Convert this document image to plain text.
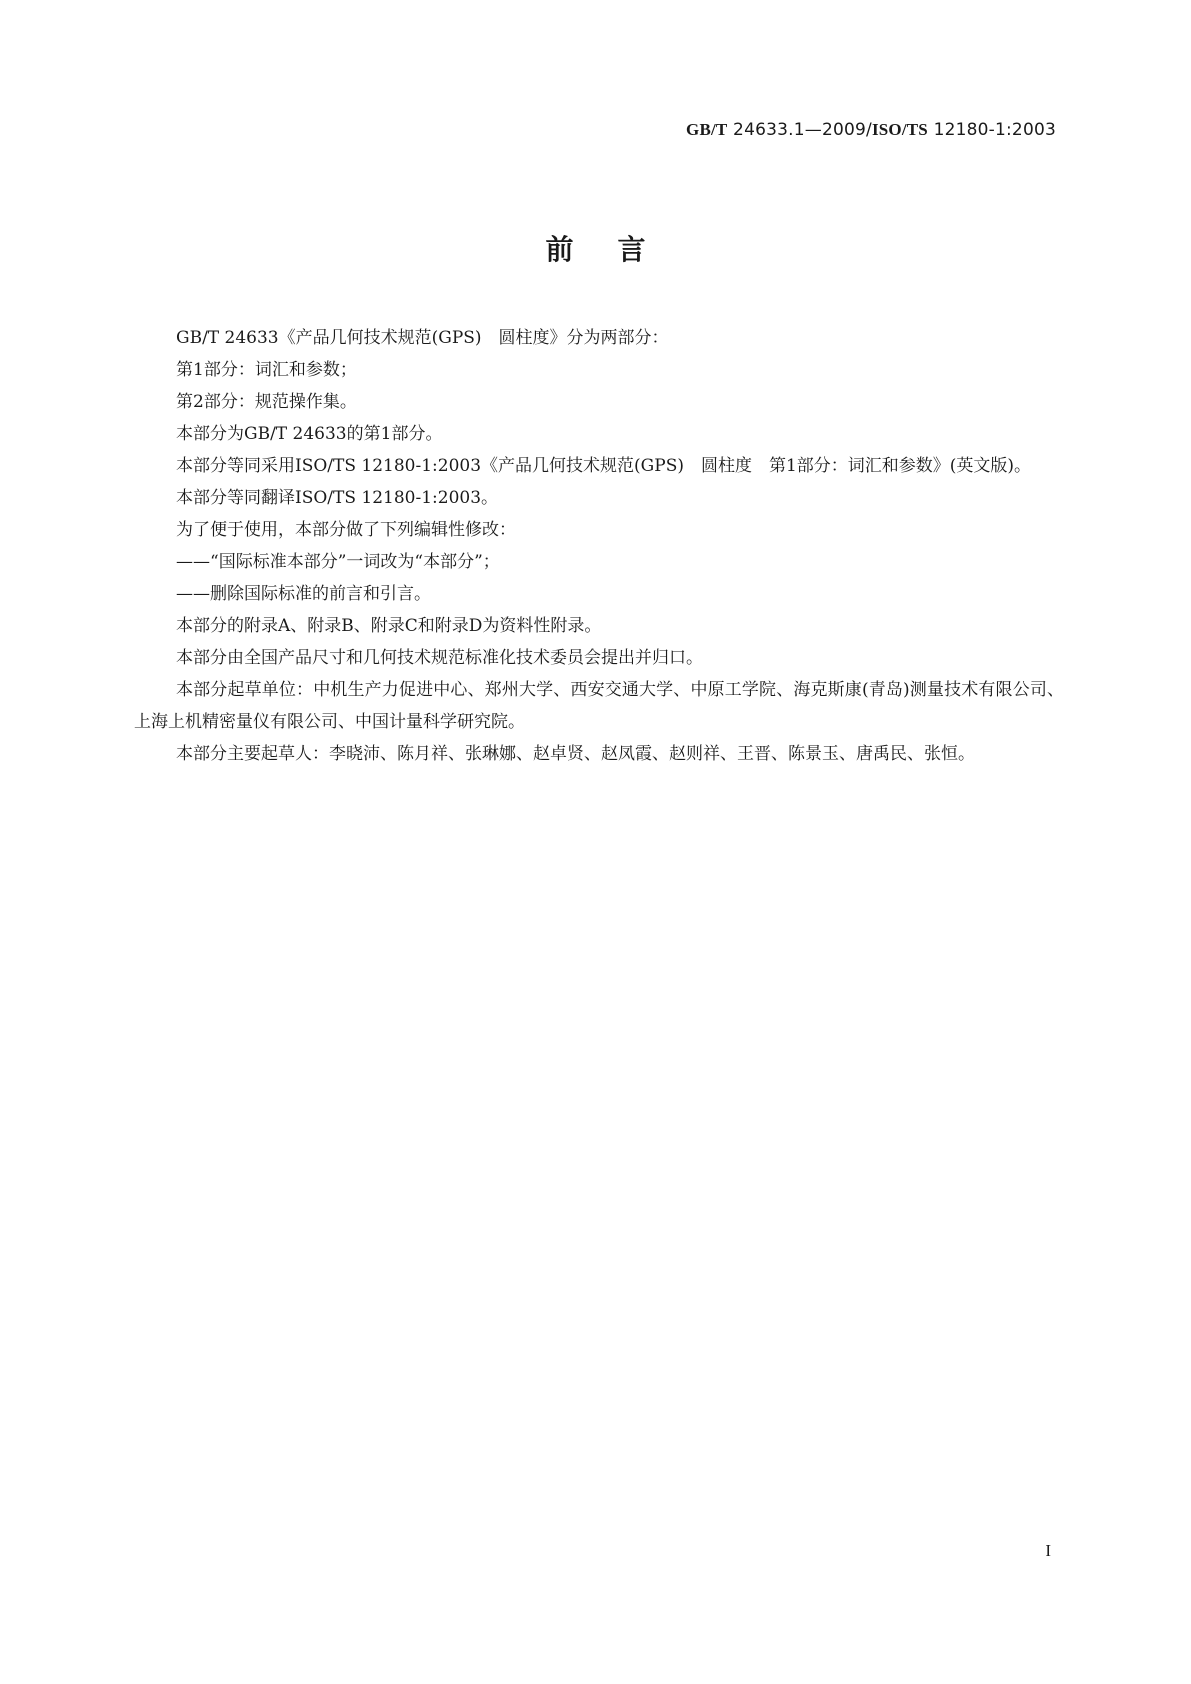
GB/T 24633.1—2009/ISO/TS 12180-1:2003
前言

GB/T 24633《产品几何技术规范(GPS)　圆柱度》分为两部分：

第1部分：词汇和参数；

第2部分：规范操作集。

本部分为GB/T 24633的第1部分。

本部分等同采用ISO/TS 12180-1:2003《产品几何技术规范(GPS)　圆柱度　第1部分：词汇和参数》(英文版)。

本部分等同翻译ISO/TS 12180-1:2003。

为了便于使用，本部分做了下列编辑性修改：

——“国际标准本部分”一词改为“本部分”；

——删除国际标准的前言和引言。

本部分的附录A、附录B、附录C和附录D为资料性附录。

本部分由全国产品尺寸和几何技术规范标准化技术委员会提出并归口。

本部分起草单位：中机生产力促进中心、郑州大学、西安交通大学、中原工学院、海克斯康(青岛)测量技术有限公司、上海上机精密量仪有限公司、中国计量科学研究院。

本部分主要起草人：李晓沛、陈月祥、张琳娜、赵卓贤、赵凤霞、赵则祥、王晋、陈景玉、唐禹民、张恒。

I
